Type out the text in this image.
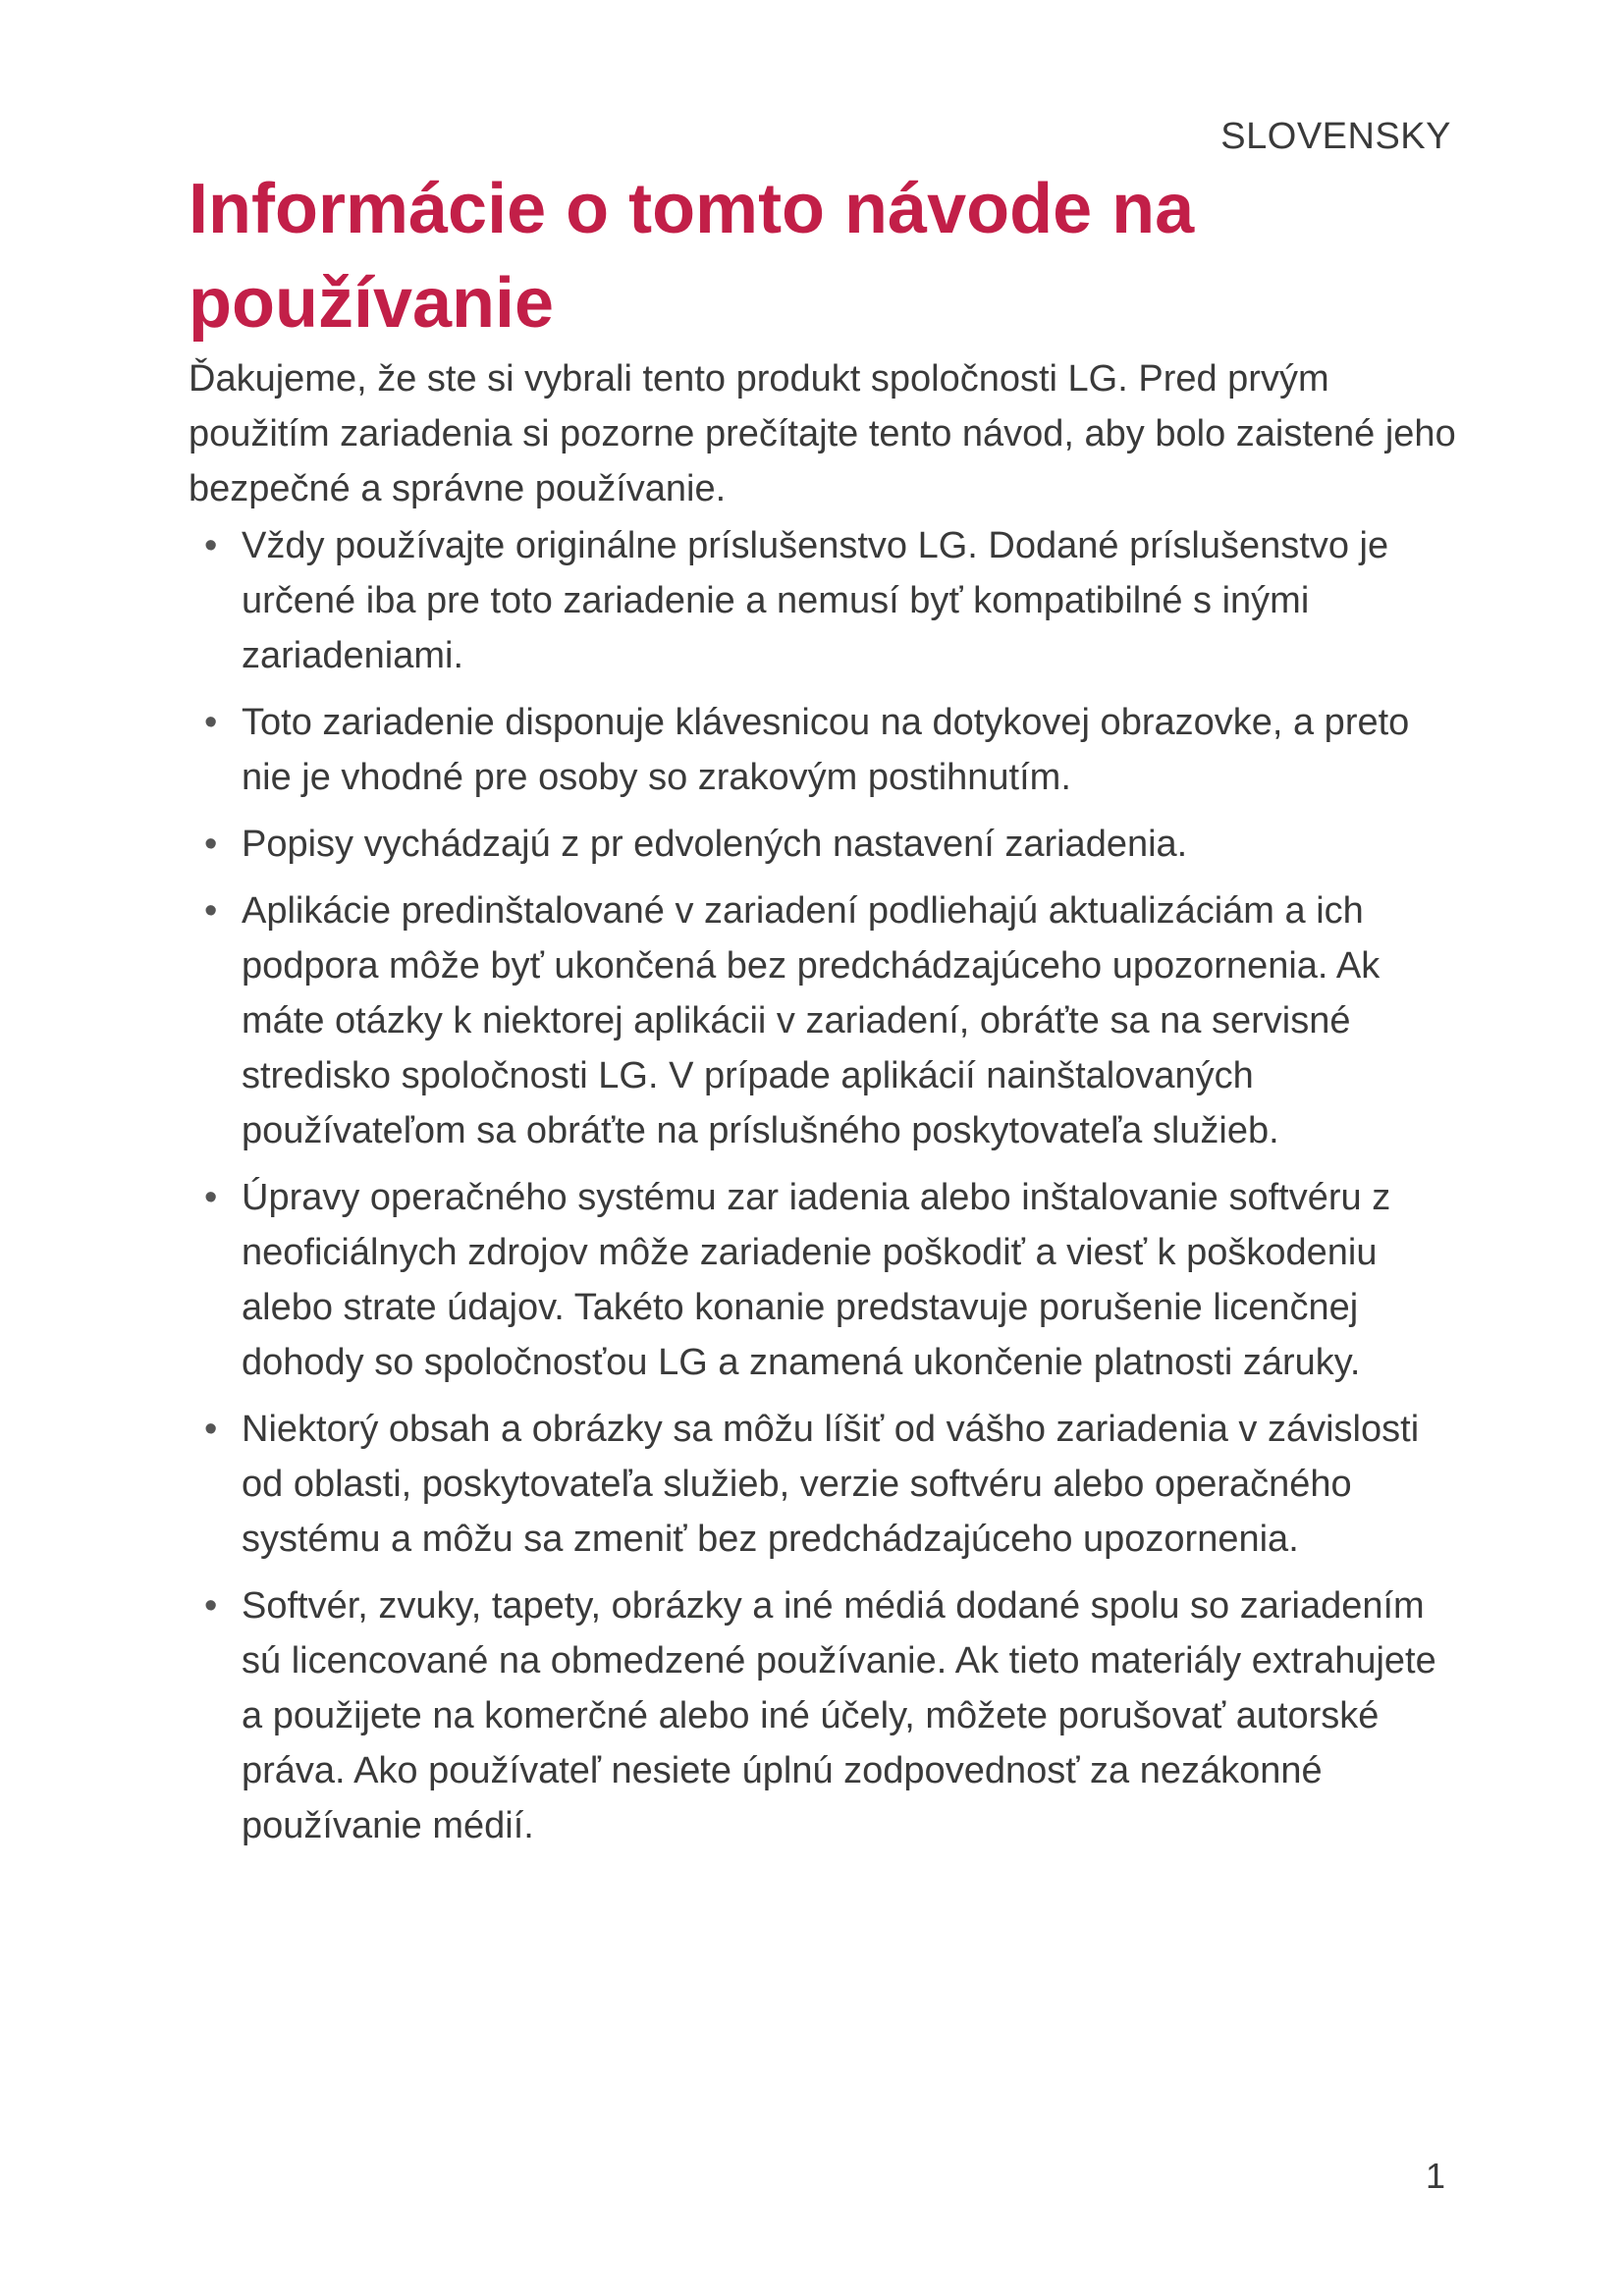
SLOVENSKY
Informácie o tomto návode na používanie

Ďakujeme, že ste si vybrali tento produkt spoločnosti LG. Pred prvým použitím zariadenia si pozorne prečítajte tento návod, aby bolo zaistené jeho bezpečné a správne používanie.

• Vždy používajte originálne príslušenstvo LG. Dodané príslušenstvo je určené iba pre toto zariadenie a nemusí byť kompatibilné s inými zariadeniami.
• Toto zariadenie disponuje klávesnicou na dotykovej obrazovke, a preto nie je vhodné pre osoby so zrakovým postihnutím.
• Popisy vychádzajú z pr edvolených nastavení zariadenia.
• Aplikácie predinštalované v zariadení podliehajú aktualizáciám a ich podpora môže byť ukončená bez predchádzajúceho upozornenia. Ak máte otázky k niektorej aplikácii v zariadení, obráťte sa na servisné stredisko spoločnosti LG. V prípade aplikácií nainštalovaných používateľom sa obráťte na príslušného poskytovateľa služieb.
• Úpravy operačného systému zar iadenia alebo inštalovanie softvéru z neoficiálnych zdrojov môže zariadenie poškodiť a viesť k poškodeniu alebo strate údajov. Takéto konanie predstavuje porušenie licenčnej dohody so spoločnosťou LG a znamená ukončenie platnosti záruky.
• Niektorý obsah a obrázky sa môžu líšiť od vášho zariadenia v závislosti od oblasti, poskytovateľa služieb, verzie softvéru alebo operačného systému a môžu sa zmeniť bez predchádzajúceho upozornenia.
• Softvér, zvuky, tapety, obrázky a iné médiá dodané spolu so zariadením sú licencované na obmedzené používanie. Ak tieto materiály extrahujete a použijete na komerčné alebo iné účely, môžete porušovať autorské práva. Ako používateľ nesiete úplnú zodpovednosť za nezákonné používanie médií.
1
